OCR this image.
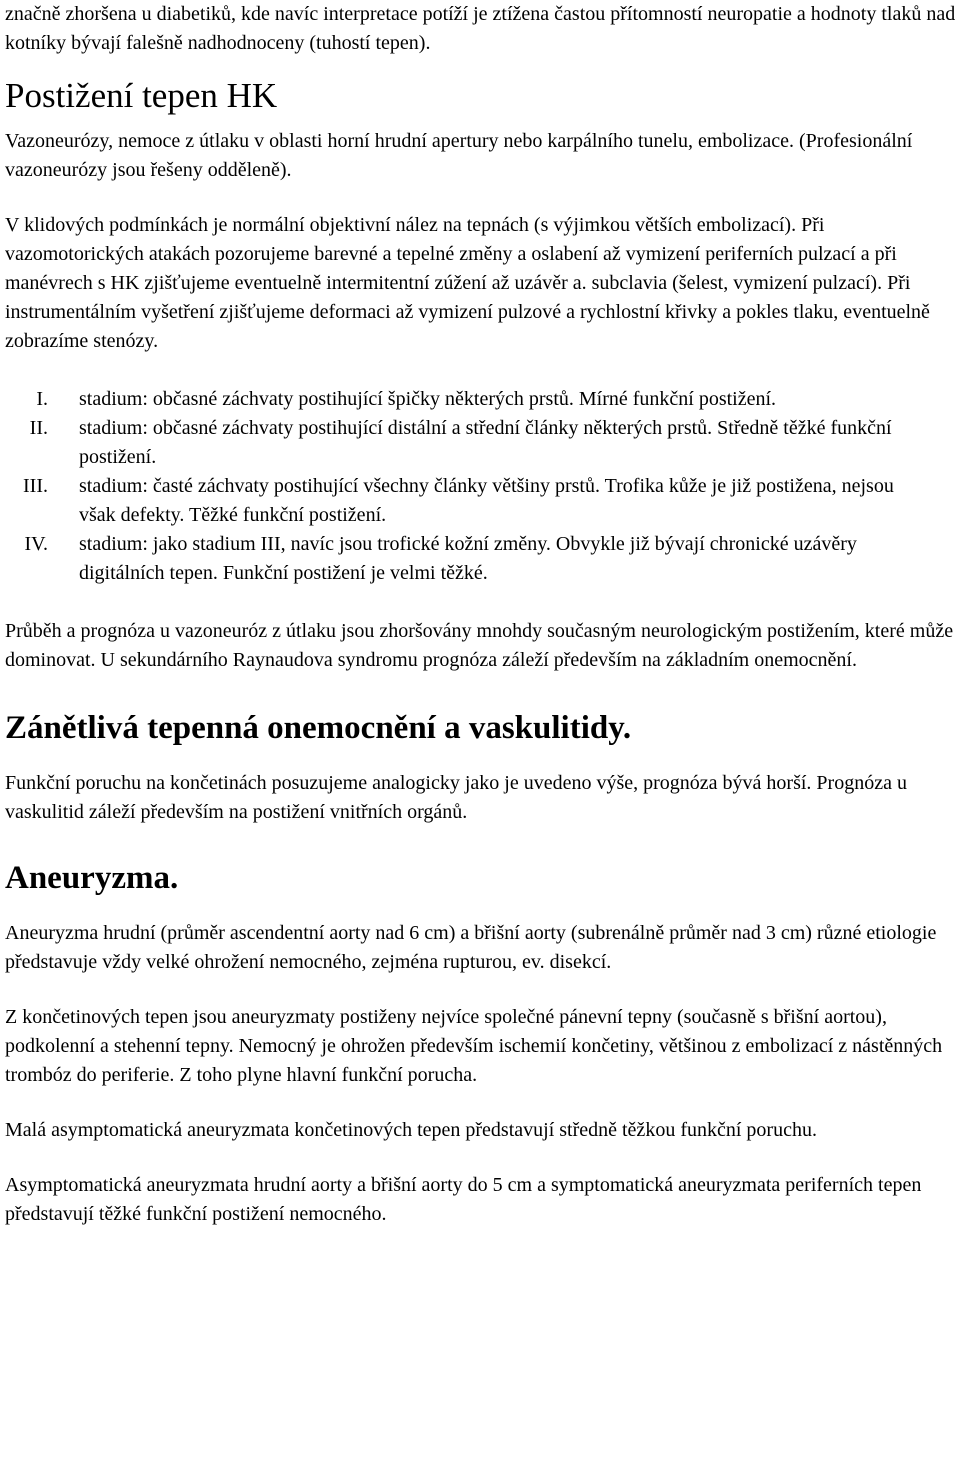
značně zhoršena u diabetiků, kde navíc interpretace potíží je ztížena častou přítomností neuropatie a hodnoty tlaků nad kotníky bývají falešně nadhodnoceny (tuhostí tepen).

Postižení tepen HK

Vazoneurózy, nemoce z útlaku v oblasti horní hrudní apertury nebo karpálního tunelu, embolizace. (Profesionální vazoneurózy jsou řešeny odděleně).

V klidových podmínkách je normální objektivní nález na tepnách (s výjimkou větších embolizací). Při vazomotorických atakách pozorujeme barevné a tepelné změny a oslabení až vymizení periferních pulzací a při manévrech s HK zjišťujeme eventuelně intermitentní zúžení až uzávěr a. subclavia (šelest, vymizení pulzací). Při instrumentálním vyšetření zjišťujeme deformaci až vymizení pulzové a rychlostní křivky a pokles tlaku, eventuelně zobrazíme stenózy.

I.	stadium: občasné záchvaty postihující špičky některých prstů. Mírné funkční postižení.
II.	stadium: občasné záchvaty postihující distální a střední články některých prstů. Středně těžké funkční postižení.
III.	stadium: časté záchvaty postihující všechny články většiny prstů. Trofika kůže je již postižena, nejsou však defekty. Těžké funkční postižení.
IV.	stadium: jako stadium III, navíc jsou trofické kožní změny. Obvykle již bývají chronické uzávěry digitálních tepen. Funkční postižení je velmi těžké.

Průběh a prognóza u vazoneuróz z útlaku jsou zhoršovány mnohdy současným neurologickým postižením, které může dominovat. U sekundárního Raynaudova syndromu prognóza záleží především na základním onemocnění.

Zánětlivá tepenná onemocnění a vaskulitidy.

Funkční poruchu na končetinách posuzujeme analogicky jako je uvedeno výše, prognóza bývá horší. Prognóza u vaskulitid záleží především na postižení vnitřních orgánů.

Aneuryzma.

Aneuryzma hrudní (průměr ascendentní aorty nad 6 cm) a břišní aorty (subrenálně průměr nad 3 cm) různé etiologie představuje vždy velké ohrožení nemocného, zejména rupturou, ev. disekcí.

Z končetinových tepen jsou aneuryzmaty postiženy nejvíce společné pánevní tepny (současně s břišní aortou), podkolenní a stehenní tepny. Nemocný je ohrožen především ischemií končetiny, většinou z embolizací z nástěnných trombóz do periferie. Z toho plyne hlavní funkční porucha.

Malá asymptomatická aneuryzmata končetinových tepen představují středně těžkou funkční poruchu.

Asymptomatická aneuryzmata hrudní aorty a břišní aorty do 5 cm a symptomatická aneuryzmata periferních tepen představují těžké funkční postižení nemocného.
